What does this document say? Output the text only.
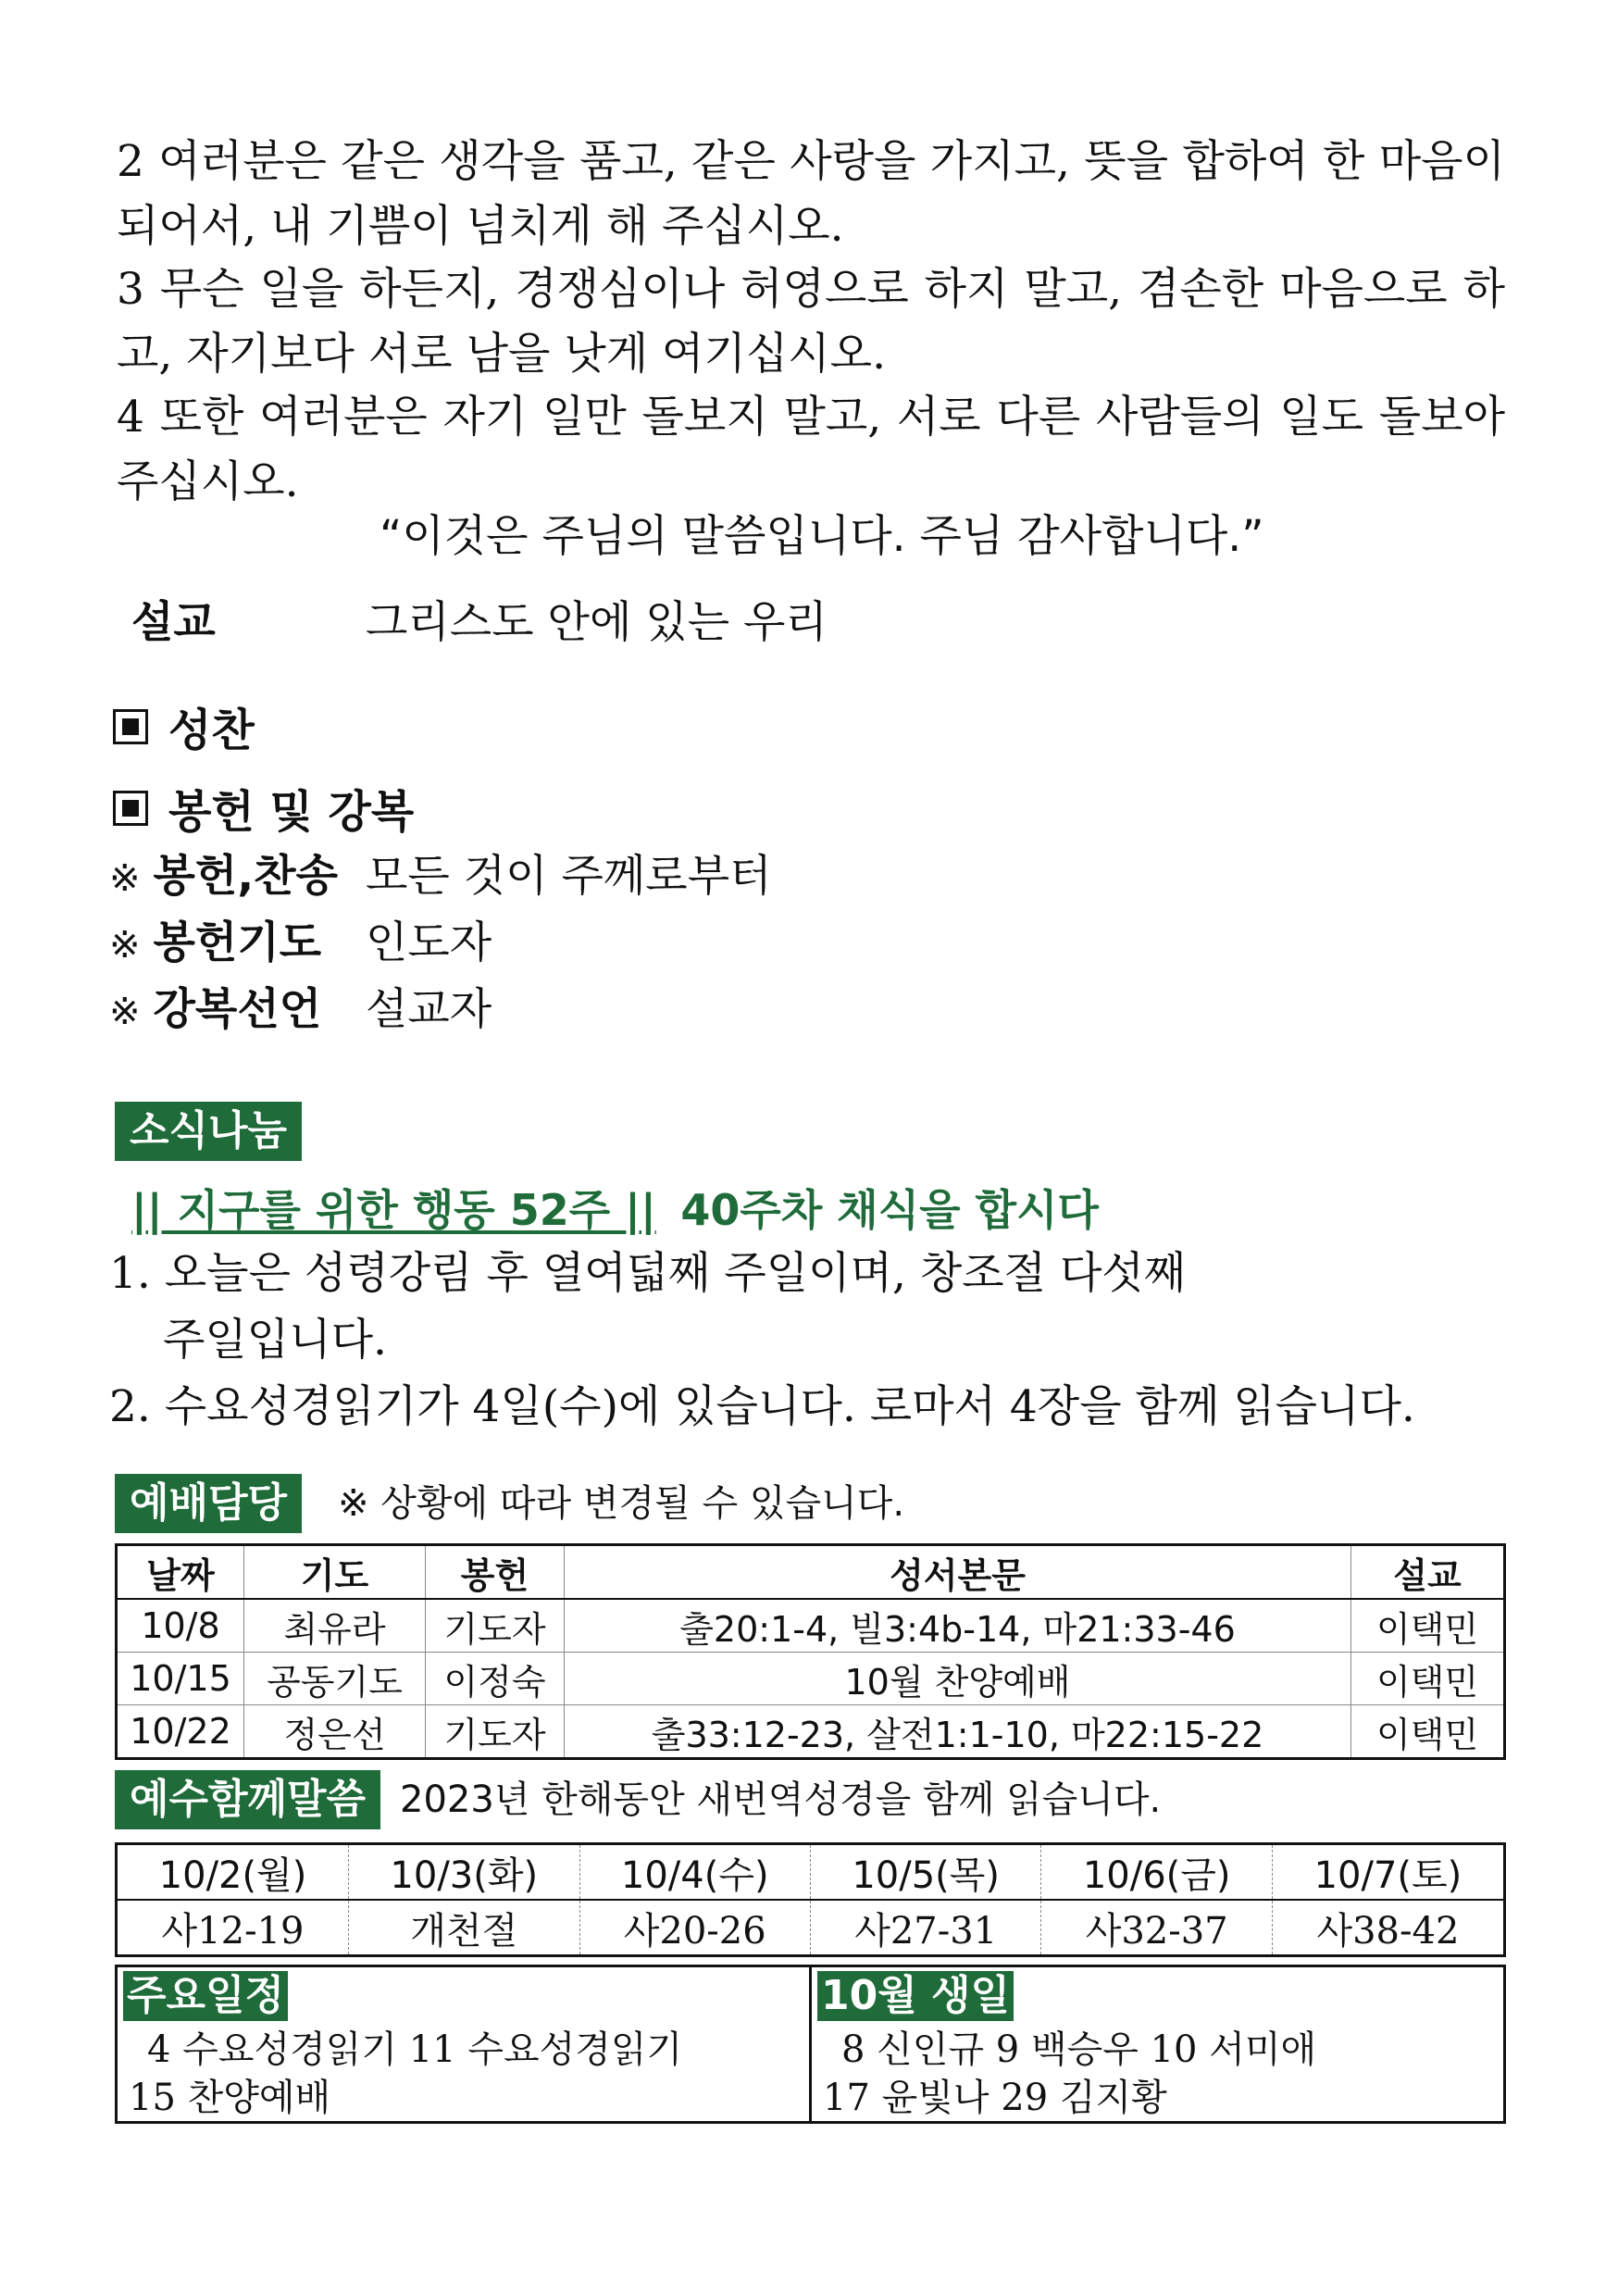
2 여러분은 같은 생각을 품고, 같은 사랑을 가지고, 뜻을 합하여 한 마음이
되어서, 내 기쁨이 넘치게 해 주십시오.
3 무슨 일을 하든지, 경쟁심이나 허영으로 하지 말고, 겸손한 마음으로 하
고, 자기보다 서로 남을 낫게 여기십시오.
4 또한 여러분은 자기 일만 돌보지 말고, 서로 다른 사람들의 일도 돌보아
주십시오.
“이것은 주님의 말씀입니다. 주님 감사합니다.”
설교	그리스도 안에 있는 우리
성찬
봉헌 및 강복
※ 봉헌,찬송 모든 것이 주께로부터
※ 봉헌기도 인도자
※ 강복선언 설교자
소식나눔
|| 지구를 위한 행동 52주 || 40주차 채식을 합시다
1. 오늘은 성령강림 후 열여덟째 주일이며, 창조절 다섯째
주일입니다.
2. 수요성경읽기가 4일(수)에 있습니다. 로마서 4장을 함께 읽습니다.
예배담당	※ 상황에 따라 변경될 수 있습니다.
날짜	기도	봉헌	성서본문	설교
10/8	최유라	기도자	출20:1-4, 빌3:4b-14, 마21:33-46	이택민
10/15	공동기도	이정숙	10월 찬양예배	이택민
10/22	정은선	기도자	출33:12-23, 살전1:1-10, 마22:15-22	이택민
예수함께말씀 2023년 한해동안 새번역성경을 함께 읽습니다.
10/2(월)	10/3(화)	10/4(수)	10/5(목)	10/6(금)	10/7(토)
사12-19	개천절	사20-26	사27-31	사32-37	사38-42
주요일정
4 수요성경읽기 11 수요성경읽기
15 찬양예배
10월 생일
8 신인규 9 백승우 10 서미애
17 윤빛나 29 김지황
